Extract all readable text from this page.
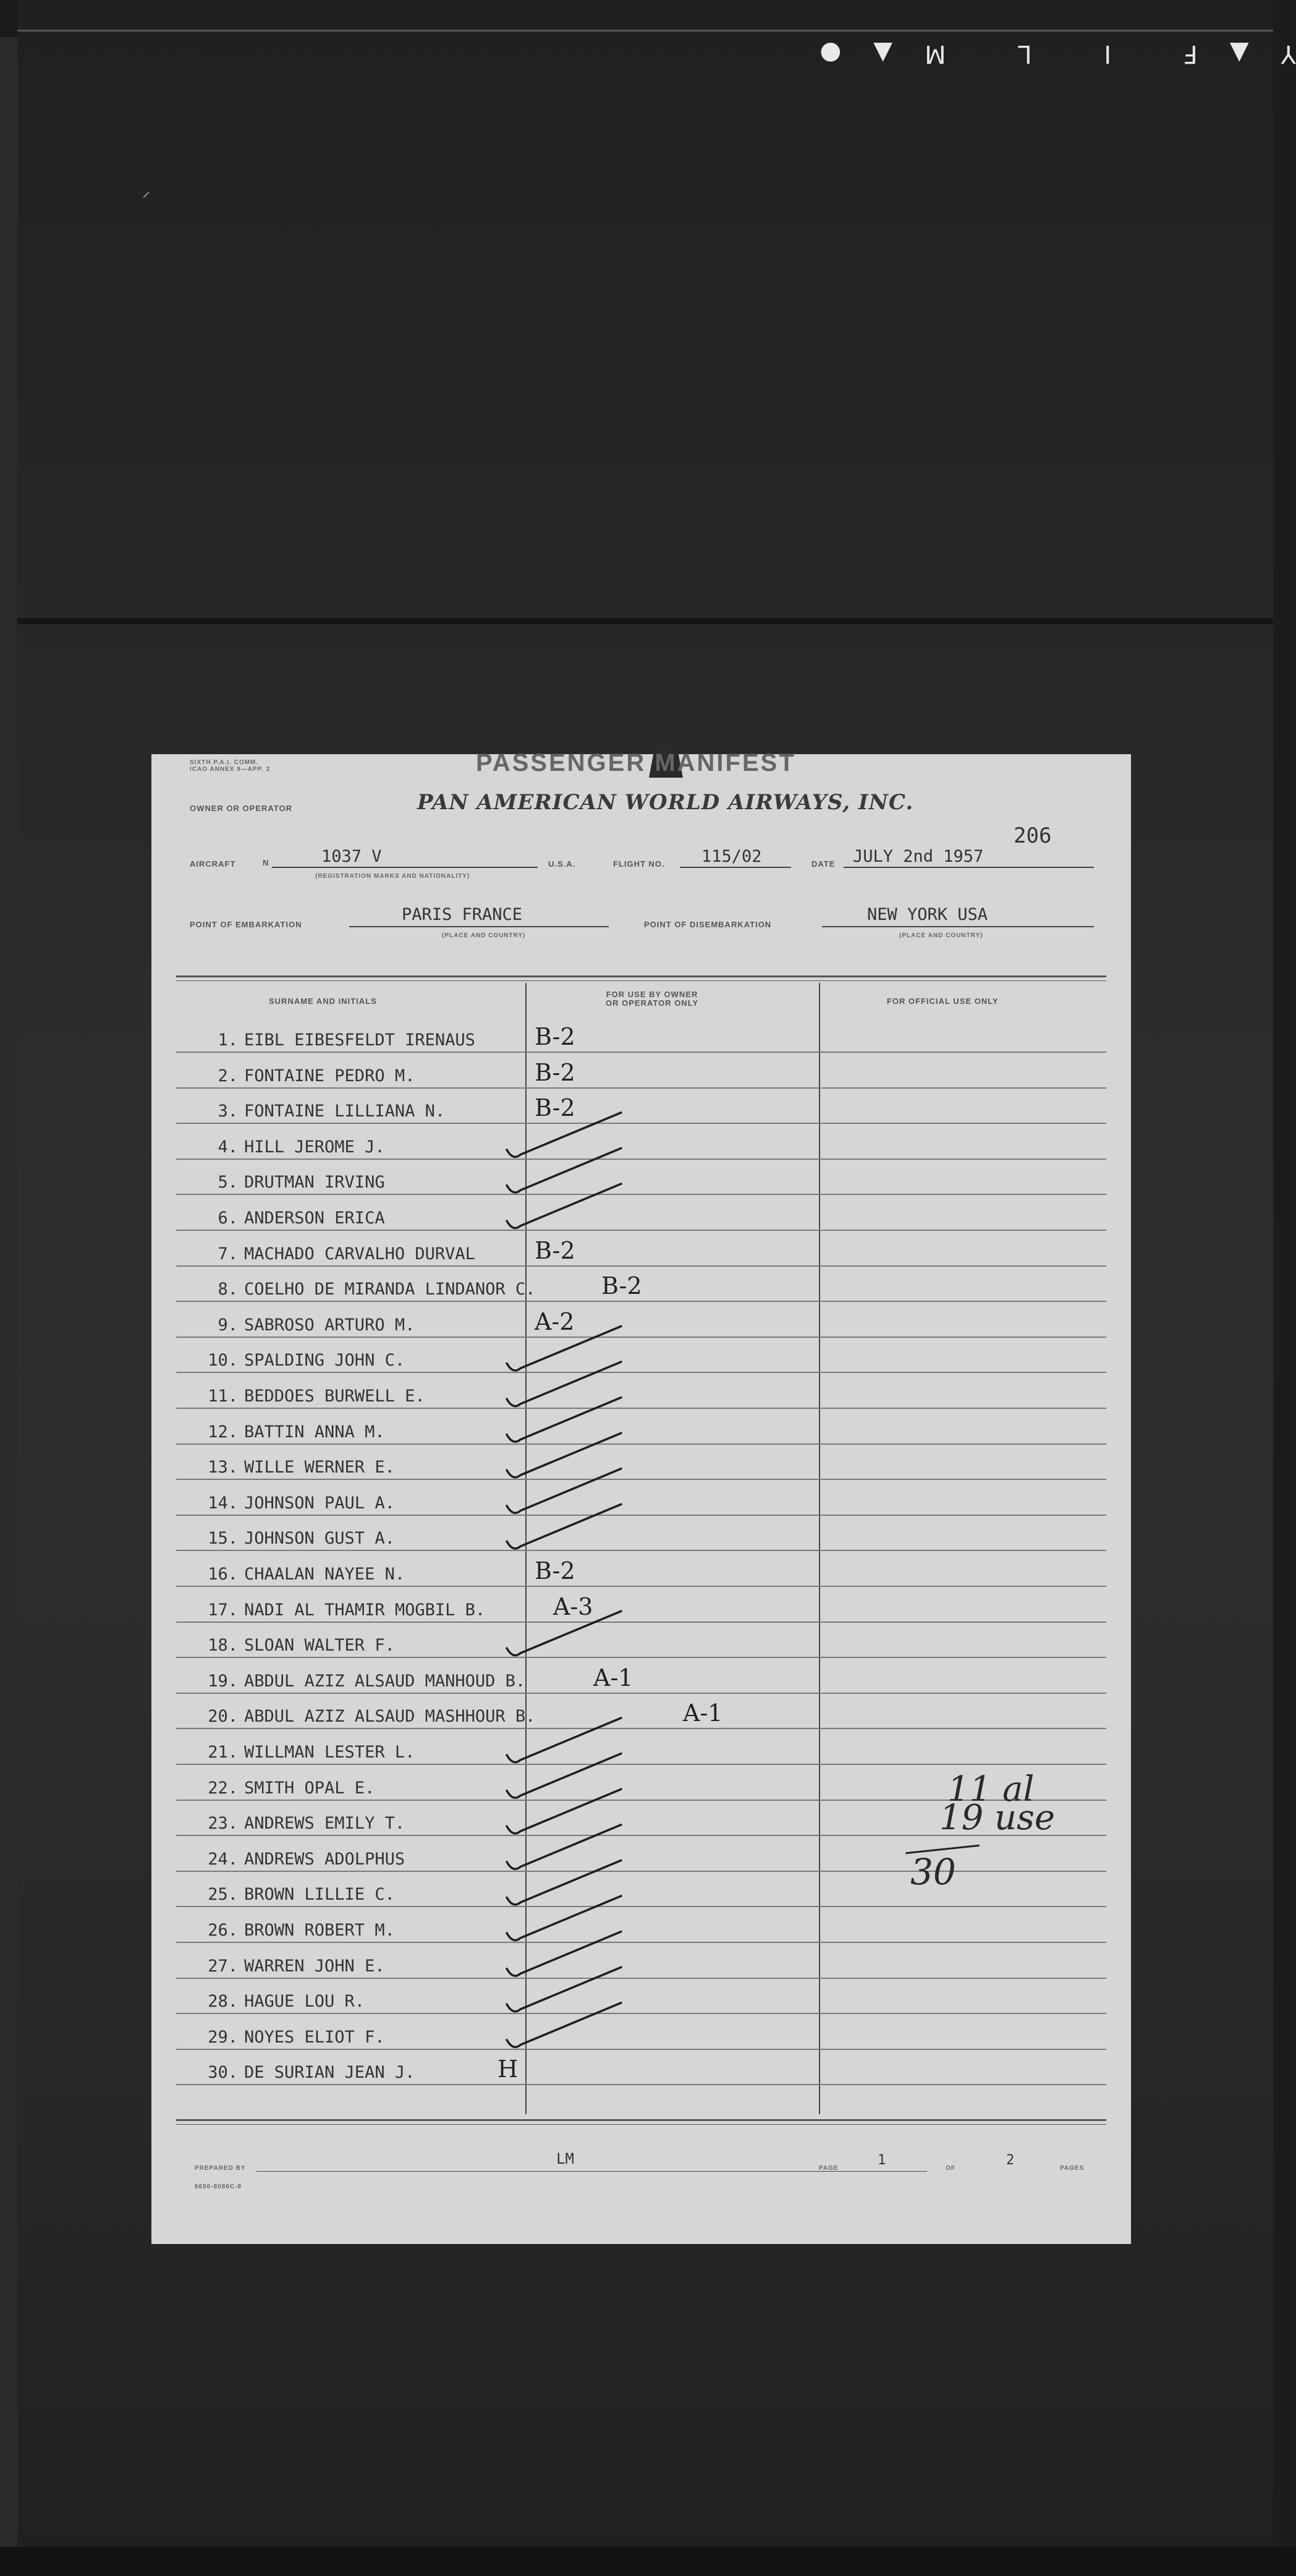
Y▲F I L M▲●
⸝
SIXTH P.A.I. COMM.
ICAO ANNEX 9—APP. 2	PASSENGER MANIFEST
OWNER OR OPERATOR	PAN AMERICAN WORLD AIRWAYS, INC.
206
AIRCRAFT	N	1037 V
(REGISTRATION MARKS AND NATIONALITY)
U.S.A.	FLIGHT NO. 115/02	DATE JULY 2nd 1957
POINT OF EMBARKATION
PARIS FRANCE
(PLACE AND COUNTRY)
POINT OF DISEMBARKATION
NEW YORK USA
(PLACE AND COUNTRY)
SURNAME AND INITIALS
FOR USE BY OWNER
OR OPERATOR ONLY	FOR OFFICIAL USE ONLY
1. EIBL EIBESFELDT IRENAUS	B-2
2. FONTAINE PEDRO M.	B-2
3. FONTAINE LILLIANA N.	B-2
4. HILL JEROME J.
5. DRUTMAN IRVING
6. ANDERSON ERICA
7. MACHADO CARVALHO DURVAL	B-2
8. COELHO DE MIRANDA LINDANOR C.	B-2
9. SABROSO ARTURO M.	A-2
10. SPALDING JOHN C.
11. BEDDOES BURWELL E.
12. BATTIN ANNA M.
13. WILLE WERNER E.
14. JOHNSON PAUL A.
15. JOHNSON GUST A.
16. CHAALAN NAYEE N.	B-2
17. NADI AL THAMIR MOGBIL B.	A-3
18. SLOAN WALTER F.
19. ABDUL AZIZ ALSAUD MANHOUD B.	A-1
20. ABDUL AZIZ ALSAUD MASHHOUR B.	A-1
21. WILLMAN LESTER L.
22. SMITH OPAL E.
23. ANDREWS EMILY T.
24. ANDREWS ADOLPHUS
25. BROWN LILLIE C.
26. BROWN ROBERT M.
27. WARREN JOHN E.
28. HAGUE LOU R.
29. NOYES ELIOT F.
30. DE SURIAN JEAN J.	H
11 al
19 use
30
PREPARED BY
LM
PAGE
1
OF
2
PAGES
6650-8086C-8
